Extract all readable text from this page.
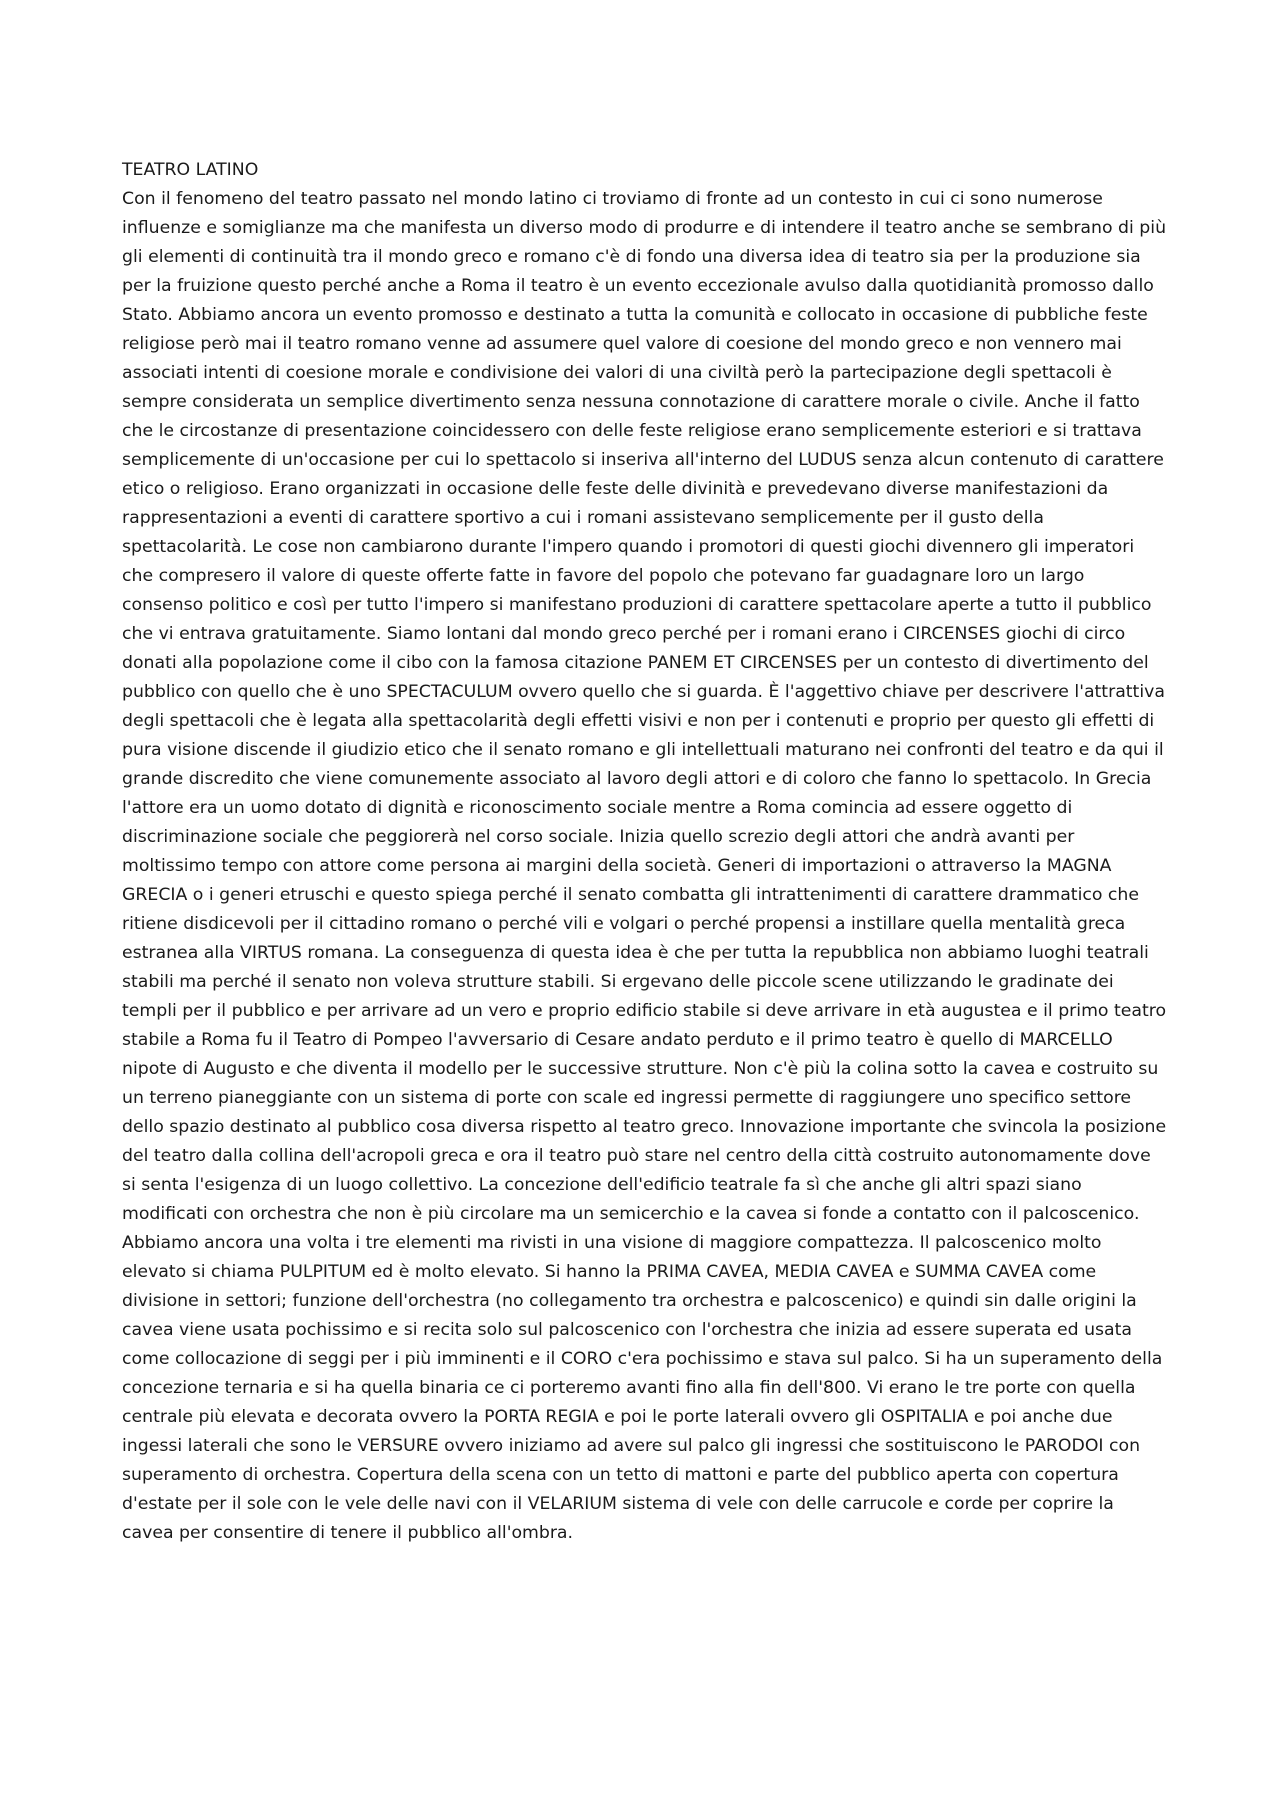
TEATRO LATINO

Con il fenomeno del teatro passato nel mondo latino ci troviamo di fronte ad un contesto in cui ci sono numerose influenze e somiglianze ma che manifesta un diverso modo di produrre e di intendere il teatro anche se sembrano di più gli elementi di continuità tra il mondo greco e romano c'è di fondo una diversa idea di teatro sia per la produzione sia per la fruizione questo perché anche a Roma il teatro è un evento eccezionale avulso dalla quotidianità promosso dallo Stato. Abbiamo ancora un evento promosso e destinato a tutta la comunità e collocato in occasione di pubbliche feste religiose però mai il teatro romano venne ad assumere quel valore di coesione del mondo greco e non vennero mai associati intenti di coesione morale e condivisione dei valori di una civiltà però la partecipazione degli spettacoli è sempre considerata un semplice divertimento senza nessuna connotazione di carattere morale o civile. Anche il fatto che le circostanze di presentazione coincidessero con delle feste religiose erano semplicemente esteriori e si trattava semplicemente di un'occasione per cui lo spettacolo si inseriva all'interno del LUDUS senza alcun contenuto di carattere etico o religioso. Erano organizzati in occasione delle feste delle divinità e prevedevano diverse manifestazioni da rappresentazioni a eventi di carattere sportivo a cui i romani assistevano semplicemente per il gusto della spettacolarità. Le cose non cambiarono durante l'impero quando i promotori di questi giochi divennero gli imperatori che compresero il valore di queste offerte fatte in favore del popolo che potevano far guadagnare loro un largo consenso politico e così per tutto l'impero si manifestano produzioni di carattere spettacolare aperte a tutto il pubblico che vi entrava gratuitamente. Siamo lontani dal mondo greco perché per i romani erano i CIRCENSES giochi di circo donati alla popolazione come il cibo con la famosa citazione PANEM ET CIRCENSES per un contesto di divertimento del pubblico con quello che è uno SPECTACULUM ovvero quello che si guarda. È l'aggettivo chiave per descrivere l'attrattiva degli spettacoli che è legata alla spettacolarità degli effetti visivi e non per i contenuti e proprio per questo gli effetti di pura visione discende il giudizio etico che il senato romano e gli intellettuali maturano nei confronti del teatro e da qui il grande discredito che viene comunemente associato al lavoro degli attori e di coloro che fanno lo spettacolo. In Grecia l'attore era un uomo dotato di dignità e riconoscimento sociale mentre a Roma comincia ad essere oggetto di discriminazione sociale che peggiorerà nel corso sociale. Inizia quello screzio degli attori che andrà avanti per moltissimo tempo con attore come persona ai margini della società. Generi di importazioni o attraverso la MAGNA GRECIA o i generi etruschi e questo spiega perché il senato combatta gli intrattenimenti di carattere drammatico che ritiene disdicevoli per il cittadino romano o perché vili e volgari o perché propensi a instillare quella mentalità greca estranea alla VIRTUS romana. La conseguenza di questa idea è che per tutta la repubblica non abbiamo luoghi teatrali stabili ma perché il senato non voleva strutture stabili. Si ergevano delle piccole scene utilizzando le gradinate dei templi per il pubblico e per arrivare ad un vero e proprio edificio stabile si deve arrivare in età augustea e il primo teatro stabile a Roma fu il Teatro di Pompeo l'avversario di Cesare andato perduto e il primo teatro è quello di MARCELLO nipote di Augusto e che diventa il modello per le successive strutture. Non c'è più la colina sotto la cavea e costruito su un terreno pianeggiante con un sistema di porte con scale ed ingressi permette di raggiungere uno specifico settore dello spazio destinato al pubblico cosa diversa rispetto al teatro greco. Innovazione importante che svincola la posizione del teatro dalla collina dell'acropoli greca e ora il teatro può stare nel centro della città costruito autonomamente dove si senta l'esigenza di un luogo collettivo. La concezione dell'edificio teatrale fa sì che anche gli altri spazi siano modificati con orchestra che non è più circolare ma un semicerchio e la cavea si fonde a contatto con il palcoscenico. Abbiamo ancora una volta i tre elementi ma rivisti in una visione di maggiore compattezza. Il palcoscenico molto elevato si chiama PULPITUM ed è molto elevato. Si hanno la PRIMA CAVEA, MEDIA CAVEA e SUMMA CAVEA come divisione in settori; funzione dell'orchestra (no collegamento tra orchestra e palcoscenico) e quindi sin dalle origini la cavea viene usata pochissimo e si recita solo sul palcoscenico con l'orchestra che inizia ad essere superata ed usata come collocazione di seggi per i più imminenti e il CORO c'era pochissimo e stava sul palco. Si ha un superamento della concezione ternaria e si ha quella binaria ce ci porteremo avanti fino alla fin dell'800. Vi erano le tre porte con quella centrale più elevata e decorata ovvero la PORTA REGIA e poi le porte laterali ovvero gli OSPITALIA e poi anche due ingessi laterali che sono le VERSURE ovvero iniziamo ad avere sul palco gli ingressi che sostituiscono le PARODOI con superamento di orchestra. Copertura della scena con un tetto di mattoni e parte del pubblico aperta con copertura d'estate per il sole con le vele delle navi con il VELARIUM sistema di vele con delle carrucole e corde per coprire la cavea per consentire di tenere il pubblico all'ombra.
